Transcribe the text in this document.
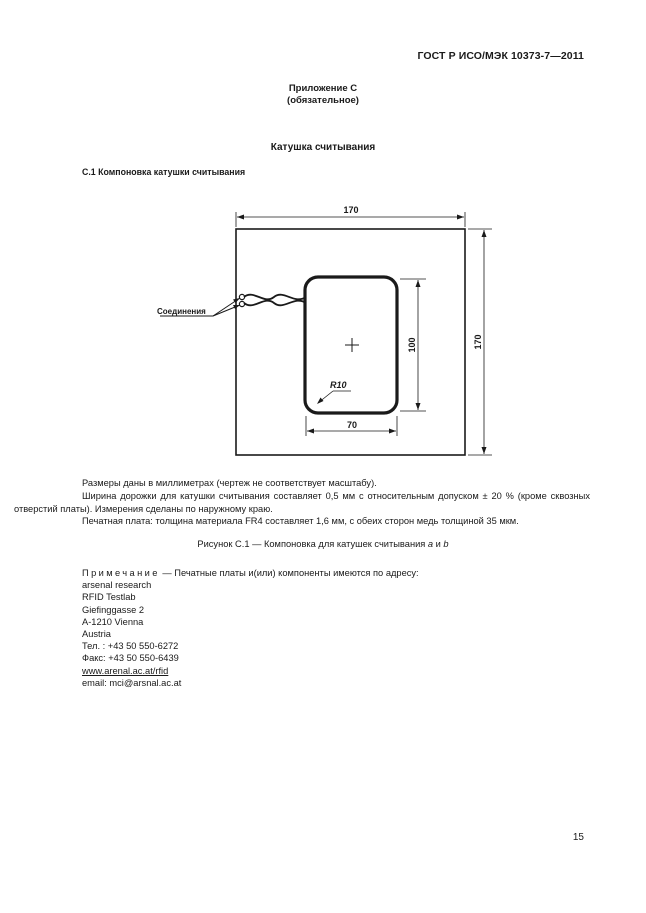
ГОСТ Р ИСО/МЭК 10373-7—2011
Приложение С
(обязательное)
Катушка считывания
С.1 Компоновка катушки считывания
170
170
100
70
R10
Соединения
Размеры даны в миллиметрах (чертеж не соответствует масштабу).
Ширина дорожки для катушки считывания составляет 0,5 мм с относительным допуском ± 20 % (кроме сквозных отверстий платы). Измерения сделаны по наружному краю.
Печатная плата: толщина материала FR4 составляет 1,6 мм, с обеих сторон медь толщиной 35 мкм.
Рисунок С.1 — Компоновка для катушек считывания a и b
Примечание — Печатные платы и(или) компоненты имеются по адресу:
arsenal research
RFID Testlab
Giefinggasse 2
A-1210 Vienna
Austria
Тел. : +43 50 550-6272
Факс: +43 50 550-6439
www.arenal.ac.at/rfid
email: mci@arsnal.ac.at
15
